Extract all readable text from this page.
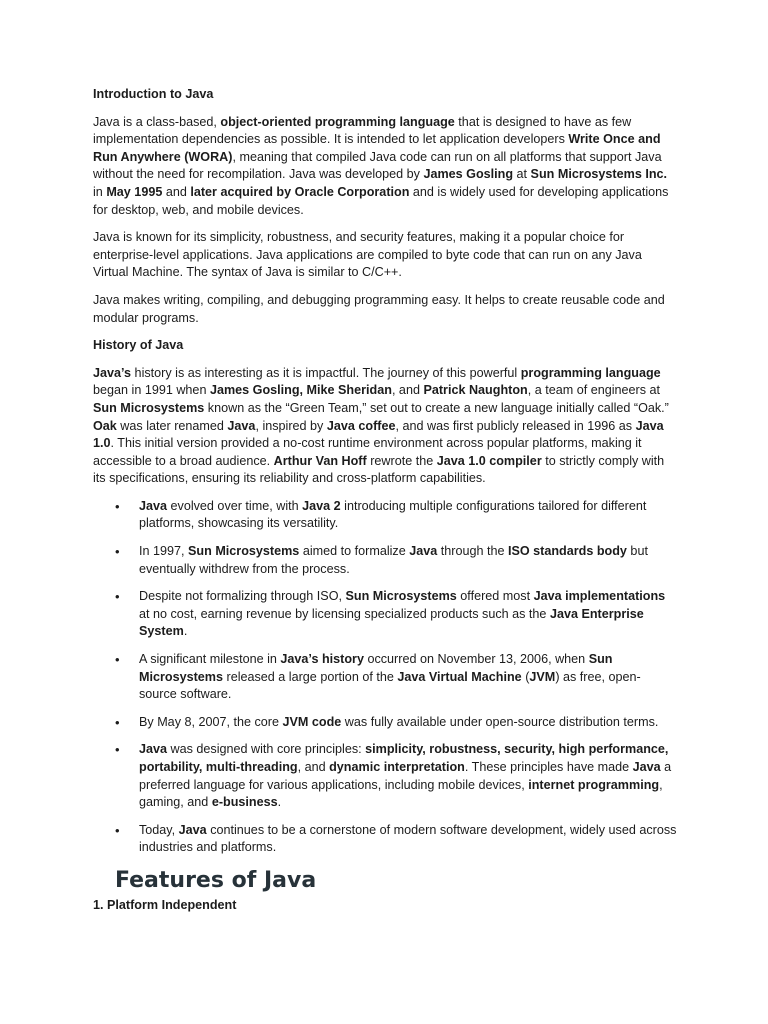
Introduction to Java

Java is a class-based, object-oriented programming language that is designed to have as few implementation dependencies as possible. It is intended to let application developers Write Once and Run Anywhere (WORA), meaning that compiled Java code can run on all platforms that support Java without the need for recompilation. Java was developed by James Gosling at Sun Microsystems Inc. in May 1995 and later acquired by Oracle Corporation and is widely used for developing applications for desktop, web, and mobile devices.

Java is known for its simplicity, robustness, and security features, making it a popular choice for enterprise-level applications. Java applications are compiled to byte code that can run on any Java Virtual Machine. The syntax of Java is similar to C/C++.

Java makes writing, compiling, and debugging programming easy. It helps to create reusable code and modular programs.

History of Java

Java’s history is as interesting as it is impactful. The journey of this powerful programming language began in 1991 when James Gosling, Mike Sheridan, and Patrick Naughton, a team of engineers at Sun Microsystems known as the “Green Team,” set out to create a new language initially called “Oak.” Oak was later renamed Java, inspired by Java coffee, and was first publicly released in 1996 as Java 1.0. This initial version provided a no-cost runtime environment across popular platforms, making it accessible to a broad audience. Arthur Van Hoff rewrote the Java 1.0 compiler to strictly comply with its specifications, ensuring its reliability and cross-platform capabilities.

• Java evolved over time, with Java 2 introducing multiple configurations tailored for different platforms, showcasing its versatility.
• In 1997, Sun Microsystems aimed to formalize Java through the ISO standards body but eventually withdrew from the process.
• Despite not formalizing through ISO, Sun Microsystems offered most Java implementations at no cost, earning revenue by licensing specialized products such as the Java Enterprise System.
• A significant milestone in Java’s history occurred on November 13, 2006, when Sun Microsystems released a large portion of the Java Virtual Machine (JVM) as free, open-source software.
• By May 8, 2007, the core JVM code was fully available under open-source distribution terms.
• Java was designed with core principles: simplicity, robustness, security, high performance, portability, multi-threading, and dynamic interpretation. These principles have made Java a preferred language for various applications, including mobile devices, internet programming, gaming, and e-business.
• Today, Java continues to be a cornerstone of modern software development, widely used across industries and platforms.
Features of Java
1. Platform Independent
